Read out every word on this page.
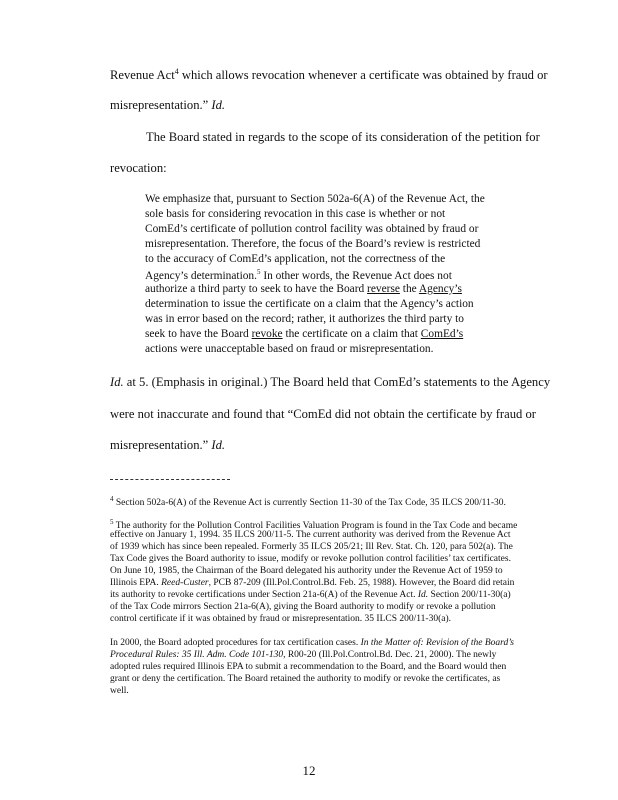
Revenue Act$^4$ which allows revocation whenever a certificate was obtained by fraud or
misrepresentation.” Id.
The Board stated in regards to the scope of its consideration of the petition for
revocation:
We emphasize that, pursuant to Section 502a-6(A) of the Revenue Act, the
sole basis for considering revocation in this case is whether or not
ComEd’s certificate of pollution control facility was obtained by fraud or
misrepresentation. Therefore, the focus of the Board’s review is restricted
to the accuracy of ComEd’s application, not the correctness of the
Agency’s determination.$^5$ In other words, the Revenue Act does not
authorize a third party to seek to have the Board reverse the Agency’s
determination to issue the certificate on a claim that the Agency’s action
was in error based on the record; rather, it authorizes the third party to
seek to have the Board revoke the certificate on a claim that ComEd’s
actions were unacceptable based on fraud or misrepresentation.
Id. at 5. (Emphasis in original.) The Board held that ComEd’s statements to the Agency
were not inaccurate and found that “ComEd did not obtain the certificate by fraud or
misrepresentation.” Id.
$^4$ Section 502a-6(A) of the Revenue Act is currently Section 11-30 of the Tax Code, 35 ILCS 200/11-30.
$^5$ The authority for the Pollution Control Facilities Valuation Program is found in the Tax Code and became
effective on January 1, 1994. 35 ILCS 200/11-5. The current authority was derived from the Revenue Act
of 1939 which has since been repealed. Formerly 35 ILCS 205/21; Ill Rev. Stat. Ch. 120, para 502(a). The
Tax Code gives the Board authority to issue, modify or revoke pollution control facilities’ tax certificates.
On June 10, 1985, the Chairman of the Board delegated his authority under the Revenue Act of 1959 to
Illinois EPA. Reed-Custer, PCB 87-209 (Ill.Pol.Control.Bd. Feb. 25, 1988). However, the Board did retain
its authority to revoke certifications under Section 21a-6(A) of the Revenue Act. Id. Section 200/11-30(a)
of the Tax Code mirrors Section 21a-6(A), giving the Board authority to modify or revoke a pollution
control certificate if it was obtained by fraud or misrepresentation. 35 ILCS 200/11-30(a).
In 2000, the Board adopted procedures for tax certification cases. In the Matter of: Revision of the Board’s
Procedural Rules: 35 Ill. Adm. Code 101-130, R00-20 (Ill.Pol.Control.Bd. Dec. 21, 2000). The newly
adopted rules required Illinois EPA to submit a recommendation to the Board, and the Board would then
grant or deny the certification. The Board retained the authority to modify or revoke the certificates, as
well.
12
